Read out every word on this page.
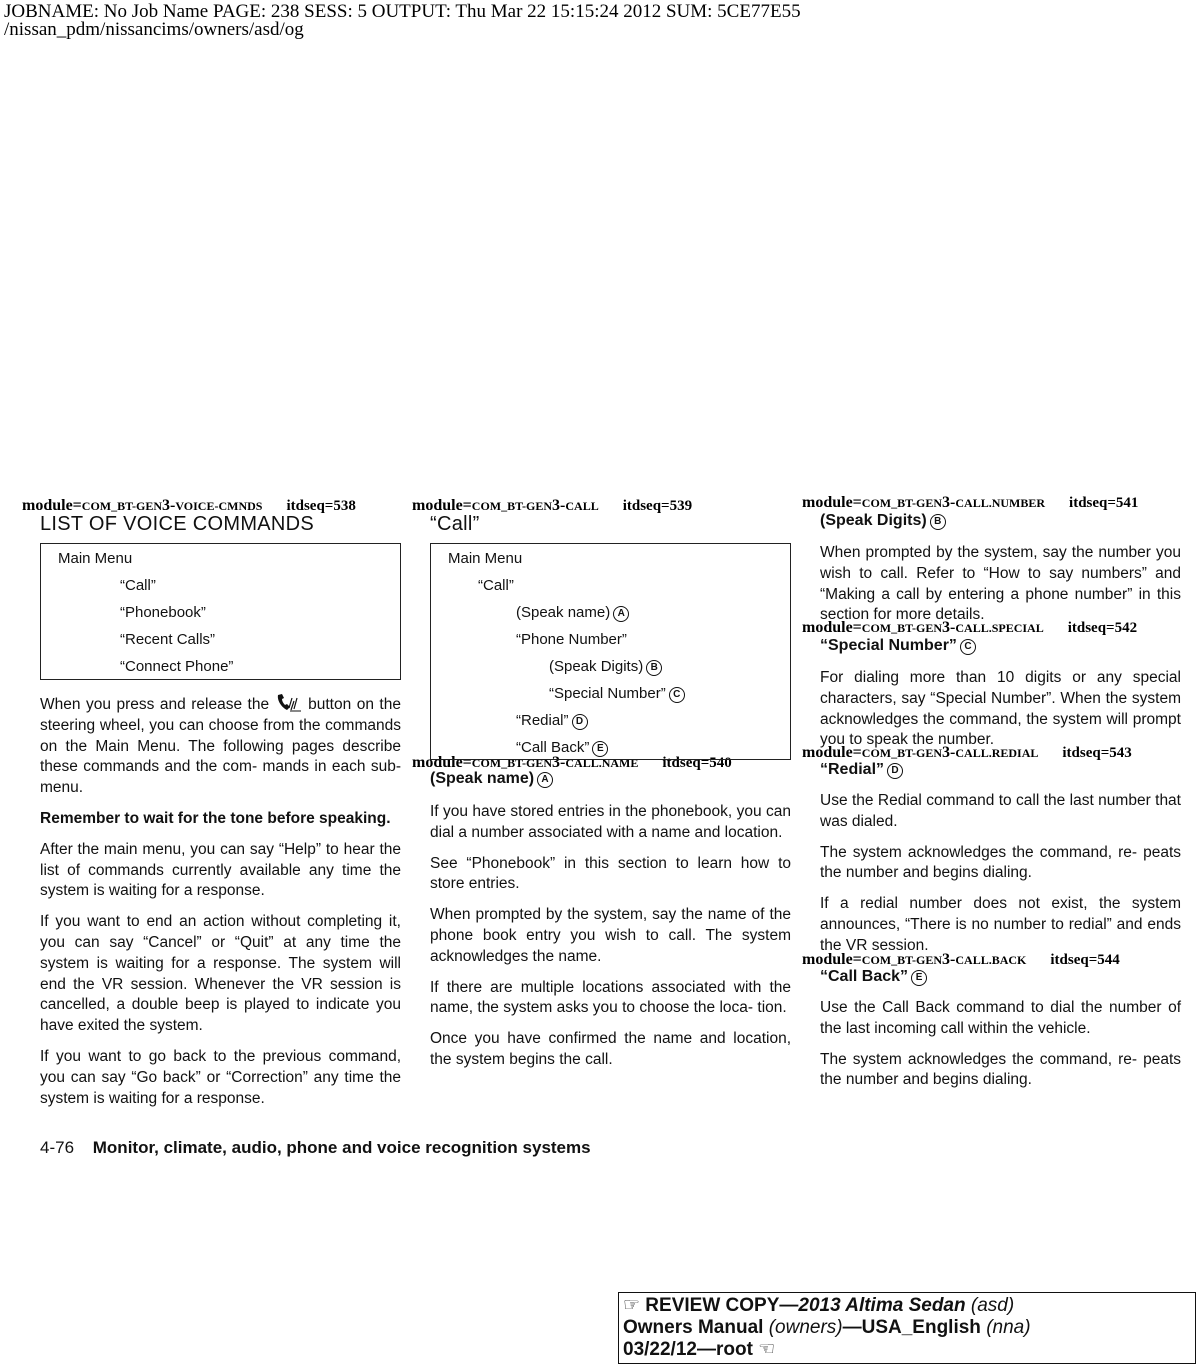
JOBNAME: No Job Name PAGE: 238 SESS: 5 OUTPUT: Thu Mar 22 15:15:24 2012 SUM: 5CE77E55
/nissan_pdm/nissancims/owners/asd/og
module=COM_BT-GEN3-VOICE-CMNDS itdseq=538	module=COM_BT-GEN3-CALL itdseq=539
module=COM_BT-GEN3-CALL.NAME itdseq=540
module=COM_BT-GEN3-CALL.NUMBER itdseq=541
module=COM_BT-GEN3-CALL.SPECIAL itdseq=542
module=COM_BT-GEN3-CALL.REDIAL itdseq=543
module=COM_BT-GEN3-CALL.BACK itdseq=544
LIST OF VOICE COMMANDS
Main Menu
“Call”
“Phonebook”
“Recent Calls”
“Connect Phone”

When you press and release the	button on the steering wheel, you can choose from the commands on the Main Menu. The following pages describe these commands and the com- mands in each sub-menu.

Remember to wait for the tone before speaking.

After the main menu, you can say “Help” to hear the list of commands currently available any time the system is waiting for a response.

If you want to end an action without completing it, you can say “Cancel” or “Quit” at any time the system is waiting for a response. The system will end the VR session. Whenever the VR session is cancelled, a double beep is played to indicate you have exited the system.

If you want to go back to the previous command, you can say “Go back” or “Correction” any time the system is waiting for a response.

“Call”
Main Menu
“Call”
(Speak name) A
“Phone Number”
(Speak Digits) B
“Special Number” C
“Redial” D
“Call Back” E
(Speak name) A

If you have stored entries in the phonebook, you can dial a number associated with a name and location.

See “Phonebook” in this section to learn how to store entries.

When prompted by the system, say the name of the phone book entry you wish to call. The system acknowledges the name.

If there are multiple locations associated with the name, the system asks you to choose the loca- tion.

Once you have confirmed the name and location, the system begins the call.

(Speak Digits) B

When prompted by the system, say the number you wish to call. Refer to “How to say numbers” and “Making a call by entering a phone number” in this section for more details.

“Special Number” C

For dialing more than 10 digits or any special characters, say “Special Number”. When the system acknowledges the command, the system will prompt you to speak the number.

“Redial” D

Use the Redial command to call the last number that was dialed.

The system acknowledges the command, re- peats the number and begins dialing.

If a redial number does not exist, the system announces, “There is no number to redial” and ends the VR session.

“Call Back” E

Use the Call Back command to dial the number of the last incoming call within the vehicle.

The system acknowledges the command, re- peats the number and begins dialing.

4-76 Monitor, climate, audio, phone and voice recognition systems
☞ REVIEW COPY—2013 Altima Sedan (asd)
Owners Manual (owners)—USA_English (nna)
03/22/12—root ☜
